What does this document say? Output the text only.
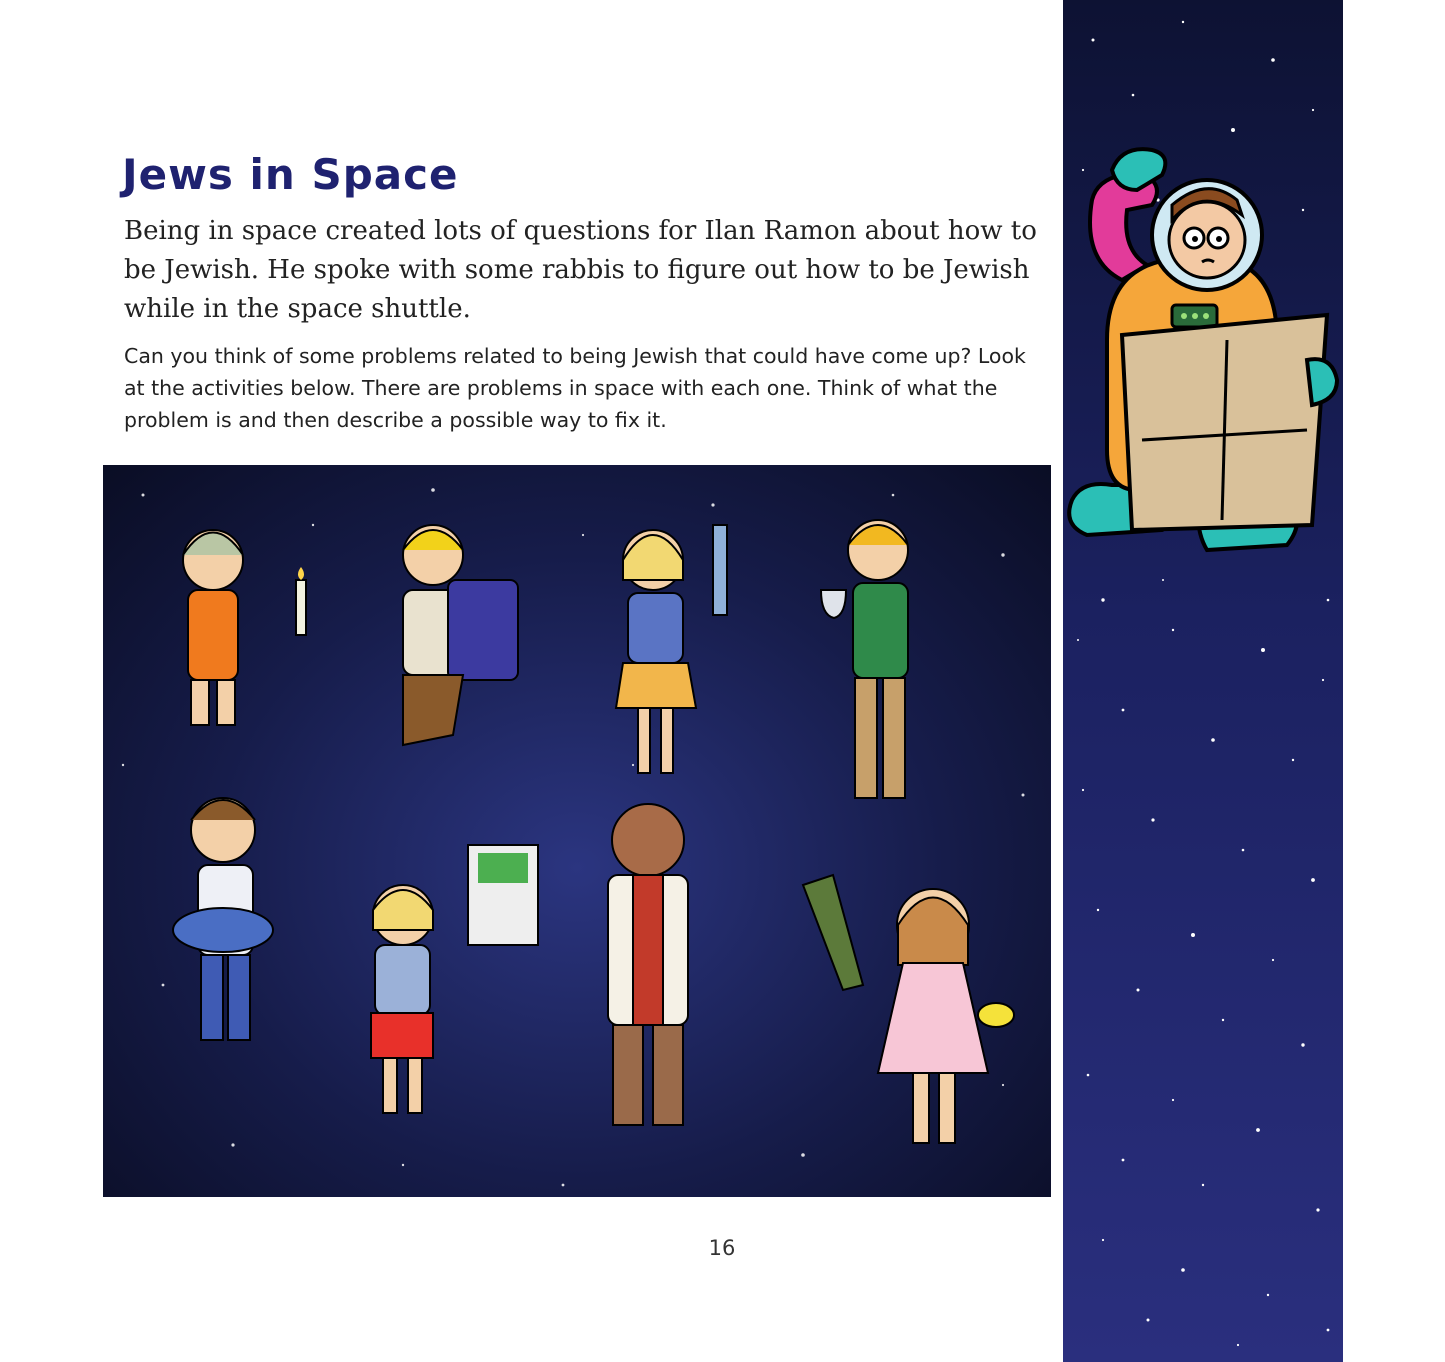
Jews in Space

Being in space created lots of questions for Ilan Ramon about how to be Jewish. He spoke with some rabbis to figure out how to be Jewish while in the space shuttle.

Can you think of some problems related to being Jewish that could have come up? Look at the activities below. There are problems in space with each one. Think of what the problem is and then describe a possible way to fix it.

16
